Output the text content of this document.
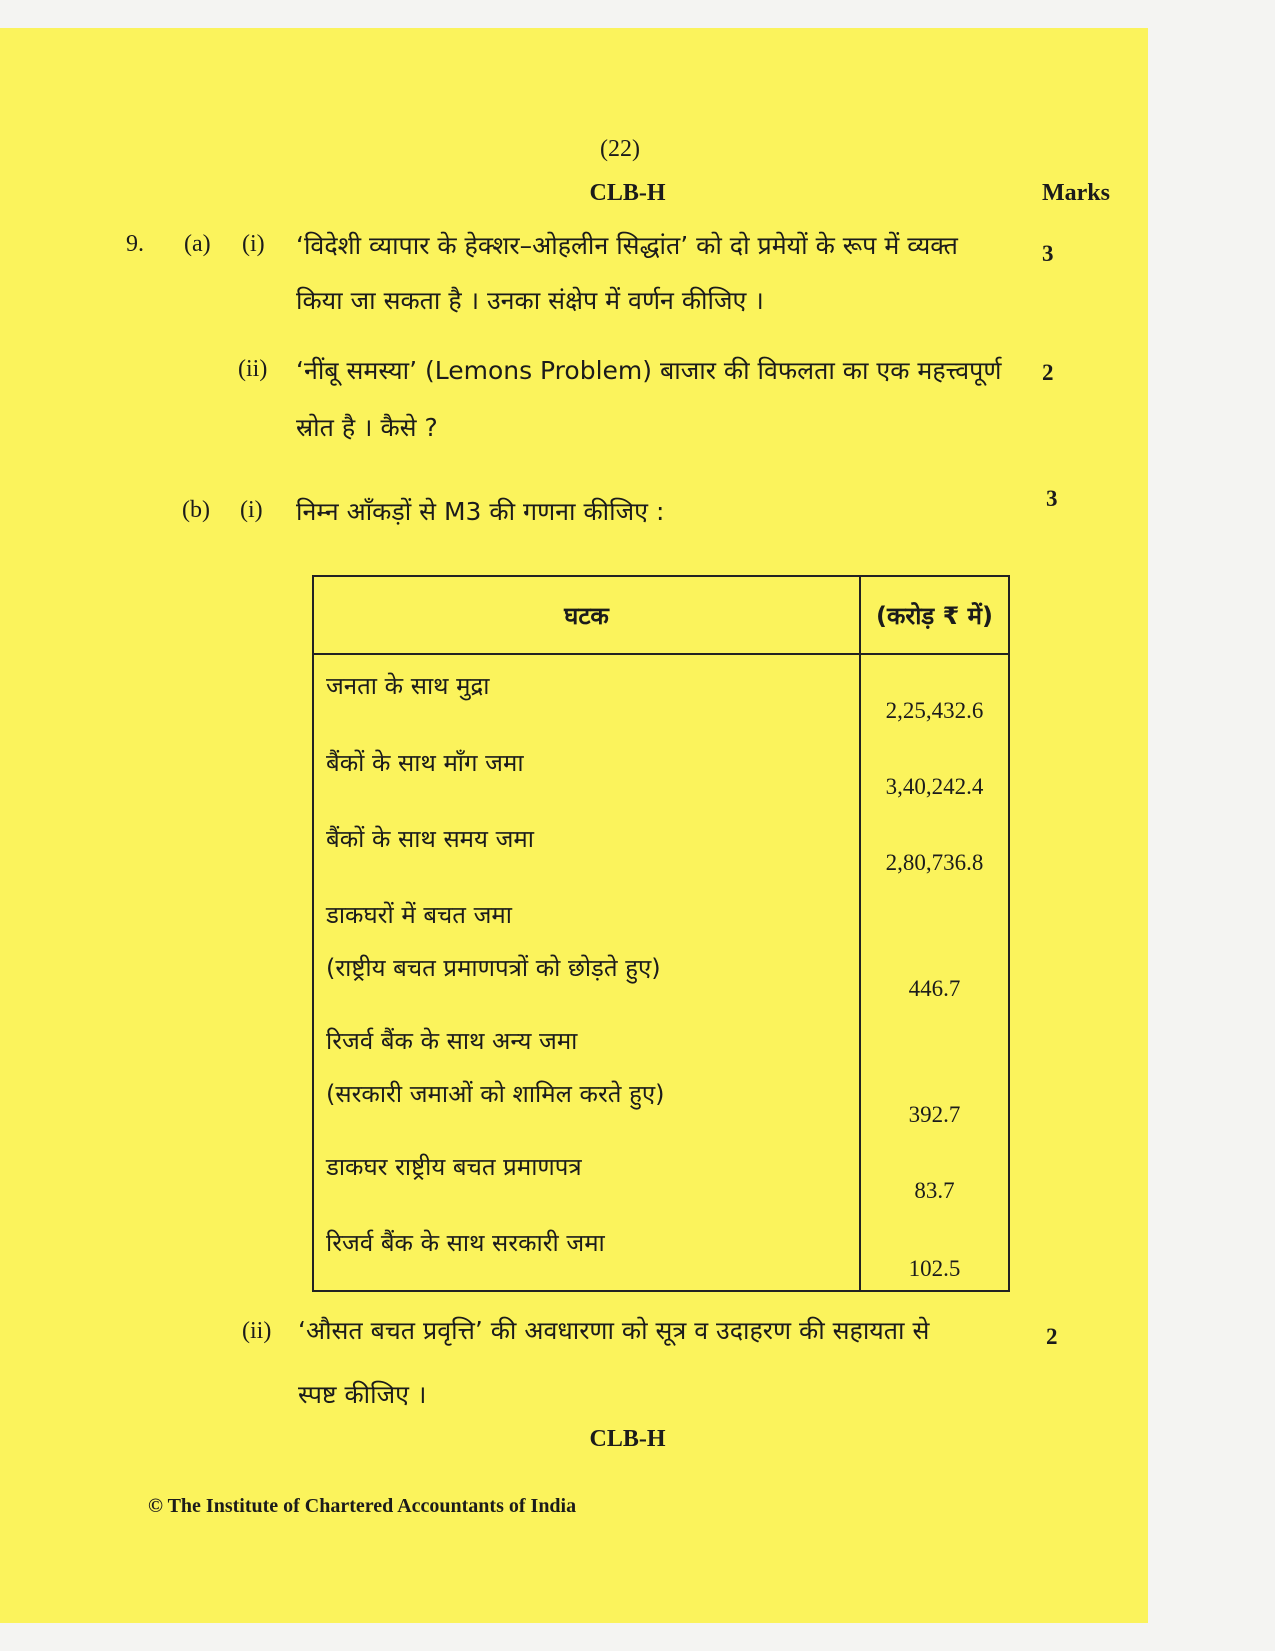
(22)
CLB-H	Marks
9. (a) (i) ‘विदेशी व्यापार के हेक्शर–ओहलीन सिद्धांत’ को दो प्रमेयों के रूप में व्यक्त
किया जा सकता है । उनका संक्षेप में वर्णन कीजिए ।
3
(ii) ‘नींबू समस्या’ (Lemons Problem) बाजार की विफलता का एक महत्त्वपूर्ण
स्रोत है । कैसे ?
2
(b) (i) निम्न आँकड़ों से M3 की गणना कीजिए :	3
घटक	(करोड़ ₹ में)
जनता के साथ मुद्रा	2,25,432.6
बैंकों के साथ माँग जमा	3,40,242.4
बैंकों के साथ समय जमा	2,80,736.8
डाकघरों में बचत जमा
(राष्ट्रीय बचत प्रमाणपत्रों को छोड़ते हुए)	446.7
रिजर्व बैंक के साथ अन्य जमा
(सरकारी जमाओं को शामिल करते हुए)	392.7
डाकघर राष्ट्रीय बचत प्रमाणपत्र	83.7
रिजर्व बैंक के साथ सरकारी जमा	102.5
(ii) ‘औसत बचत प्रवृत्ति’ की अवधारणा को सूत्र व उदाहरण की सहायता से
स्पष्ट कीजिए ।
2
CLB-H
© The Institute of Chartered Accountants of India
